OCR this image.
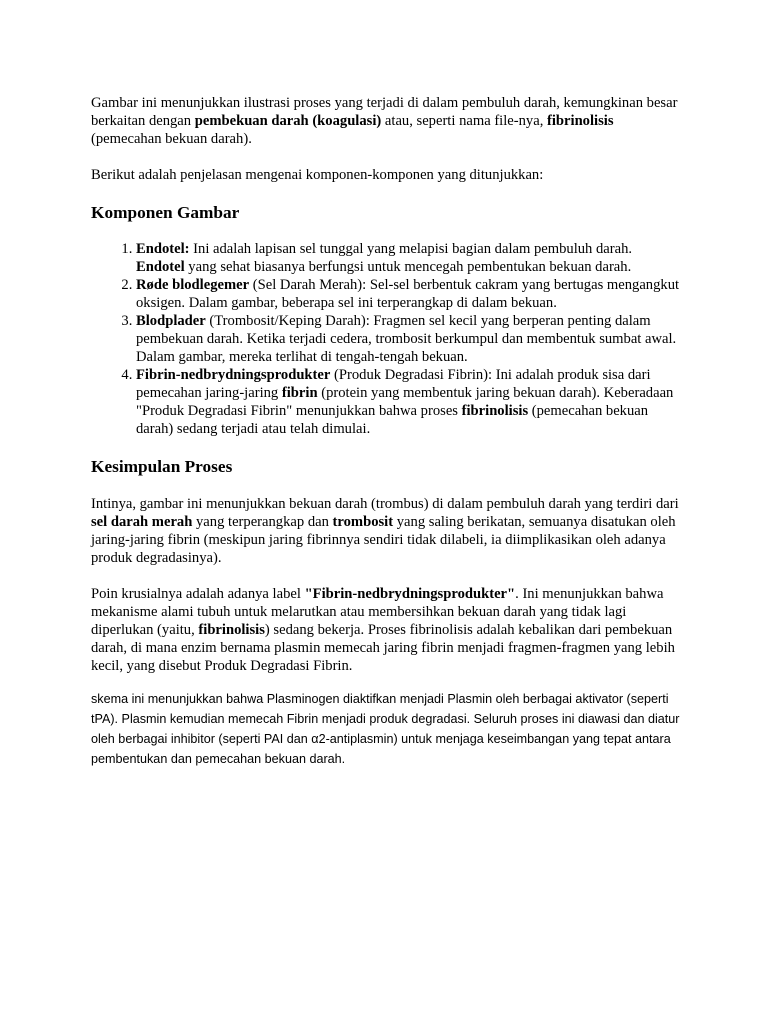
Gambar ini menunjukkan ilustrasi proses yang terjadi di dalam pembuluh darah, kemungkinan besar berkaitan dengan pembekuan darah (koagulasi) atau, seperti nama file-nya, fibrinolisis (pemecahan bekuan darah).

Berikut adalah penjelasan mengenai komponen-komponen yang ditunjukkan:

Komponen Gambar
1. Endotel: Ini adalah lapisan sel tunggal yang melapisi bagian dalam pembuluh darah. Endotel yang sehat biasanya berfungsi untuk mencegah pembentukan bekuan darah.
2. Røde blodlegemer (Sel Darah Merah): Sel-sel berbentuk cakram yang bertugas mengangkut oksigen. Dalam gambar, beberapa sel ini terperangkap di dalam bekuan.
3. Blodplader (Trombosit/Keping Darah): Fragmen sel kecil yang berperan penting dalam pembekuan darah. Ketika terjadi cedera, trombosit berkumpul dan membentuk sumbat awal. Dalam gambar, mereka terlihat di tengah-tengah bekuan.
4. Fibrin-nedbrydningsprodukter (Produk Degradasi Fibrin): Ini adalah produk sisa dari pemecahan jaring-jaring fibrin (protein yang membentuk jaring bekuan darah). Keberadaan "Produk Degradasi Fibrin" menunjukkan bahwa proses fibrinolisis (pemecahan bekuan darah) sedang terjadi atau telah dimulai.
Kesimpulan Proses

Intinya, gambar ini menunjukkan bekuan darah (trombus) di dalam pembuluh darah yang terdiri dari sel darah merah yang terperangkap dan trombosit yang saling berikatan, semuanya disatukan oleh jaring-jaring fibrin (meskipun jaring fibrinnya sendiri tidak dilabeli, ia diimplikasikan oleh adanya produk degradasinya).

Poin krusialnya adalah adanya label "Fibrin-nedbrydningsprodukter". Ini menunjukkan bahwa mekanisme alami tubuh untuk melarutkan atau membersihkan bekuan darah yang tidak lagi diperlukan (yaitu, fibrinolisis) sedang bekerja. Proses fibrinolisis adalah kebalikan dari pembekuan darah, di mana enzim bernama plasmin memecah jaring fibrin menjadi fragmen-fragmen yang lebih kecil, yang disebut Produk Degradasi Fibrin.

skema ini menunjukkan bahwa Plasminogen diaktifkan menjadi Plasmin oleh berbagai aktivator (seperti tPA). Plasmin kemudian memecah Fibrin menjadi produk degradasi. Seluruh proses ini diawasi dan diatur oleh berbagai inhibitor (seperti PAI dan α2-antiplasmin) untuk menjaga keseimbangan yang tepat antara pembentukan dan pemecahan bekuan darah.
